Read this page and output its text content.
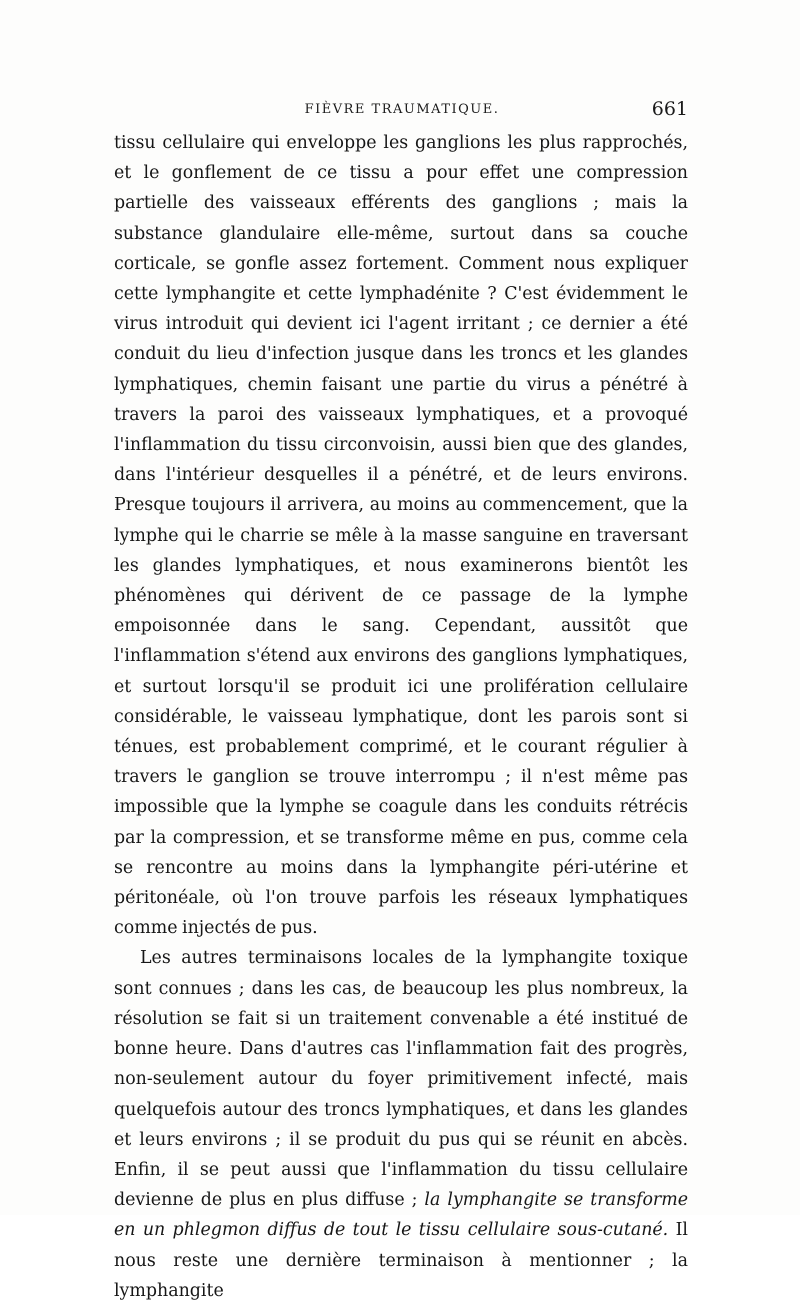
FIÈVRE TRAUMATIQUE.	661

tissu cellulaire qui enveloppe les ganglions les plus rapprochés, et le gonflement de ce tissu a pour effet une compression partielle des vaisseaux efférents des ganglions ; mais la substance glandulaire elle-même, surtout dans sa couche corticale, se gonfle assez fortement. Comment nous expliquer cette lymphangite et cette lymphadénite ? C'est évidemment le virus introduit qui devient ici l'agent irritant ; ce dernier a été conduit du lieu d'infection jusque dans les troncs et les glandes lymphatiques, chemin faisant une partie du virus a pénétré à travers la paroi des vaisseaux lymphatiques, et a provoqué l'inflammation du tissu circonvoisin, aussi bien que des glandes, dans l'intérieur desquelles il a pénétré, et de leurs environs. Presque toujours il arrivera, au moins au commencement, que la lymphe qui le charrie se mêle à la masse sanguine en traversant les glandes lymphatiques, et nous examinerons bientôt les phénomènes qui dérivent de ce passage de la lymphe empoisonnée dans le sang. Cependant, aussitôt que l'inflammation s'étend aux environs des ganglions lymphatiques, et surtout lorsqu'il se produit ici une prolifération cellulaire considérable, le vaisseau lymphatique, dont les parois sont si ténues, est probablement comprimé, et le courant régulier à travers le ganglion se trouve interrompu ; il n'est même pas impossible que la lymphe se coagule dans les conduits rétrécis par la compression, et se transforme même en pus, comme cela se rencontre au moins dans la lymphangite péri-utérine et péritonéale, où l'on trouve parfois les réseaux lymphatiques comme injectés de pus.

Les autres terminaisons locales de la lymphangite toxique sont connues ; dans les cas, de beaucoup les plus nombreux, la résolution se fait si un traitement convenable a été institué de bonne heure. Dans d'autres cas l'inflammation fait des progrès, non-seulement autour du foyer primitivement infecté, mais quelquefois autour des troncs lymphatiques, et dans les glandes et leurs environs ; il se produit du pus qui se réunit en abcès. Enfin, il se peut aussi que l'inflammation du tissu cellulaire devienne de plus en plus diffuse ; la lymphangite se transforme en un phlegmon diffus de tout le tissu cellulaire sous-cutané. Il nous reste une dernière terminaison à mentionner ; la lymphangite
